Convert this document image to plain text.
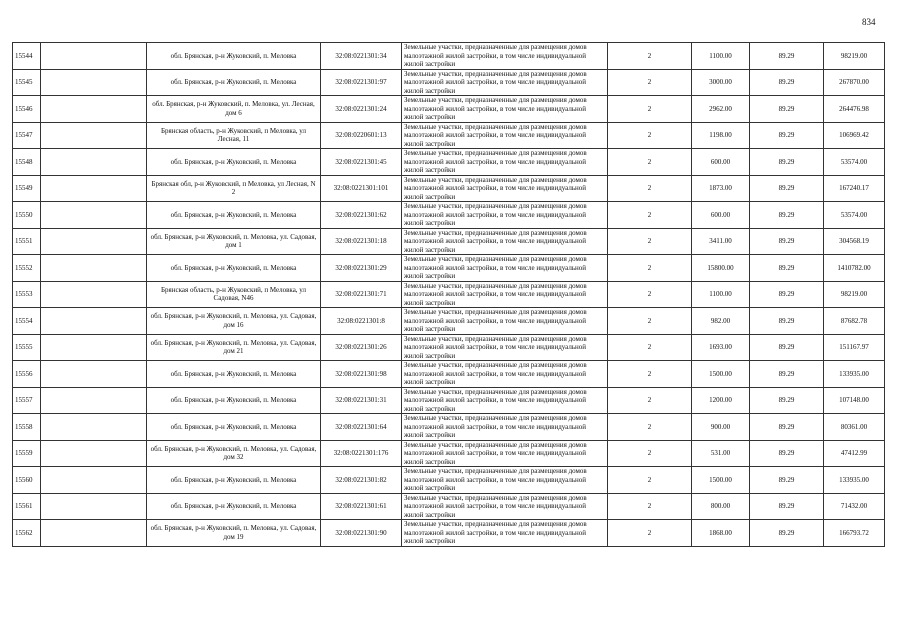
834
15544		обл. Брянская, р-н Жуковский, п. Меловка	32:08:0221301:34	Земельные участки, предназначенные для размещения домов малоэтажной жилой застройки, в том числе индивидуальной жилой застройки	2	1100.00	89.29	98219.00
15545		обл. Брянская, р-н Жуковский, п. Меловка	32:08:0221301:97	Земельные участки, предназначенные для размещения домов малоэтажной жилой застройки, в том числе индивидуальной жилой застройки	2	3000.00	89.29	267870.00
15546		обл. Брянская, р-н Жуковский, п. Меловка, ул. Лесная, дом 6	32:08:0221301:24	Земельные участки, предназначенные для размещения домов малоэтажной жилой застройки, в том числе индивидуальной жилой застройки	2	2962.00	89.29	264476.98
15547		Брянская область, р-н Жуковский, п Меловка, ул Лесная, 11	32:08:0220601:13	Земельные участки, предназначенные для размещения домов малоэтажной жилой застройки, в том числе индивидуальной жилой застройки	2	1198.00	89.29	106969.42
15548		обл. Брянская, р-н Жуковский, п. Меловка	32:08:0221301:45	Земельные участки, предназначенные для размещения домов малоэтажной жилой застройки, в том числе индивидуальной жилой застройки	2	600.00	89.29	53574.00
15549		Брянская обл, р-н Жуковский, п Меловка, ул Лесная, N 2	32:08:0221301:101	Земельные участки, предназначенные для размещения домов малоэтажной жилой застройки, в том числе индивидуальной жилой застройки	2	1873.00	89.29	167240.17
15550		обл. Брянская, р-н Жуковский, п. Меловка	32:08:0221301:62	Земельные участки, предназначенные для размещения домов малоэтажной жилой застройки, в том числе индивидуальной жилой застройки	2	600.00	89.29	53574.00
15551		обл. Брянская, р-н Жуковский, п. Меловка, ул. Садовая, дом 1	32:08:0221301:18	Земельные участки, предназначенные для размещения домов малоэтажной жилой застройки, в том числе индивидуальной жилой застройки	2	3411.00	89.29	304568.19
15552		обл. Брянская, р-н Жуковский, п. Меловка	32:08:0221301:29	Земельные участки, предназначенные для размещения домов малоэтажной жилой застройки, в том числе индивидуальной жилой застройки	2	15800.00	89.29	1410782.00
15553		Брянская область, р-н Жуковский, п Меловка, ул Садовая, N46	32:08:0221301:71	Земельные участки, предназначенные для размещения домов малоэтажной жилой застройки, в том числе индивидуальной жилой застройки	2	1100.00	89.29	98219.00
15554		обл. Брянская, р-н Жуковский, п. Меловка, ул. Садовая, дом 16	32:08:0221301:8	Земельные участки, предназначенные для размещения домов малоэтажной жилой застройки, в том числе индивидуальной жилой застройки	2	982.00	89.29	87682.78
15555		обл. Брянская, р-н Жуковский, п. Меловка, ул. Садовая, дом 21	32:08:0221301:26	Земельные участки, предназначенные для размещения домов малоэтажной жилой застройки, в том числе индивидуальной жилой застройки	2	1693.00	89.29	151167.97
15556		обл. Брянская, р-н Жуковский, п. Меловка	32:08:0221301:98	Земельные участки, предназначенные для размещения домов малоэтажной жилой застройки, в том числе индивидуальной жилой застройки	2	1500.00	89.29	133935.00
15557		обл. Брянская, р-н Жуковский, п. Меловка	32:08:0221301:31	Земельные участки, предназначенные для размещения домов малоэтажной жилой застройки, в том числе индивидуальной жилой застройки	2	1200.00	89.29	107148.00
15558		обл. Брянская, р-н Жуковский, п. Меловка	32:08:0221301:64	Земельные участки, предназначенные для размещения домов малоэтажной жилой застройки, в том числе индивидуальной жилой застройки	2	900.00	89.29	80361.00
15559		обл. Брянская, р-н Жуковский, п. Меловка, ул. Садовая, дом 32	32:08:0221301:176	Земельные участки, предназначенные для размещения домов малоэтажной жилой застройки, в том числе индивидуальной жилой застройки	2	531.00	89.29	47412.99
15560		обл. Брянская, р-н Жуковский, п. Меловка	32:08:0221301:82	Земельные участки, предназначенные для размещения домов малоэтажной жилой застройки, в том числе индивидуальной жилой застройки	2	1500.00	89.29	133935.00
15561		обл. Брянская, р-н Жуковский, п. Меловка	32:08:0221301:61	Земельные участки, предназначенные для размещения домов малоэтажной жилой застройки, в том числе индивидуальной жилой застройки	2	800.00	89.29	71432.00
15562		обл. Брянская, р-н Жуковский, п. Меловка, ул. Садовая, дом 19	32:08:0221301:90	Земельные участки, предназначенные для размещения домов малоэтажной жилой застройки, в том числе индивидуальной жилой застройки	2	1868.00	89.29	166793.72
